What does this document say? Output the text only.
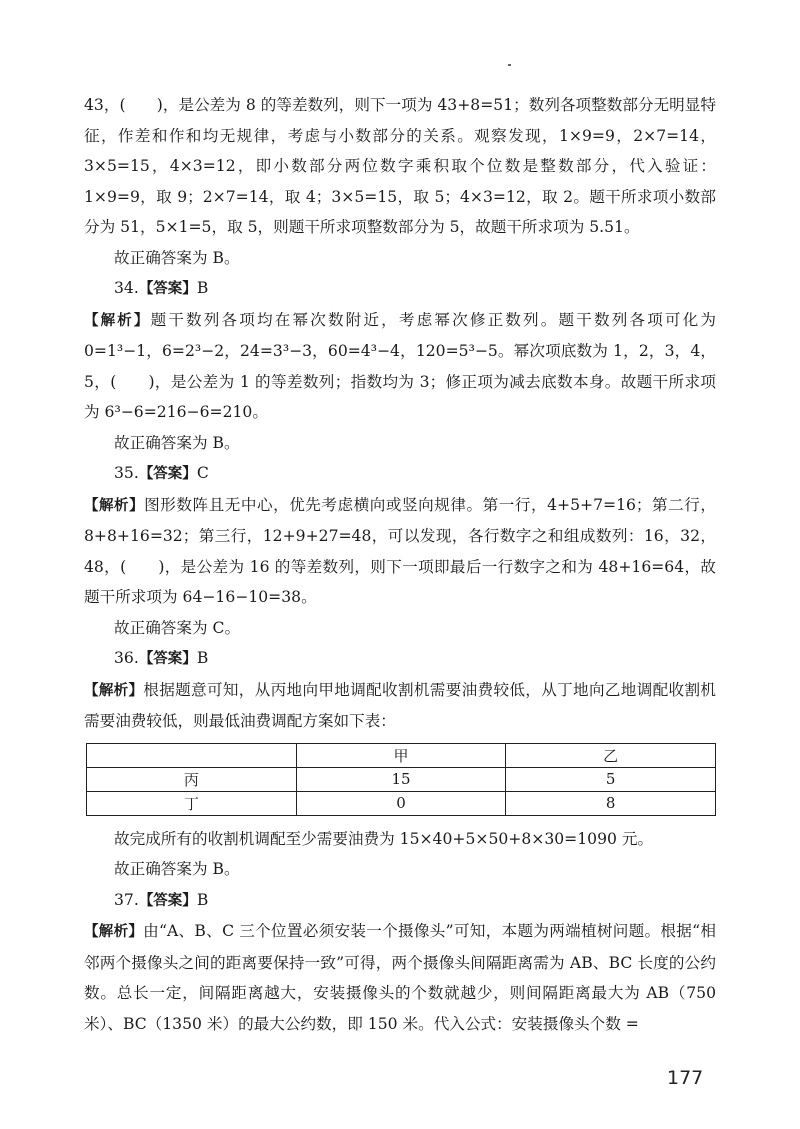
43，(　　)，是公差为 8 的等差数列，则下一项为 43+8=51；数列各项整数部分无明显特征，作差和作和均无规律，考虑与小数部分的关系。观察发现，1×9=9，2×7=14，3×5=15，4×3=12，即小数部分两位数字乘积取个位数是整数部分，代入验证：1×9=9，取 9；2×7=14，取 4；3×5=15，取 5；4×3=12，取 2。题干所求项小数部分为 51，5×1=5，取 5，则题干所求项整数部分为 5，故题干所求项为 5.51。

故正确答案为 B。

34.【答案】B

【解析】题干数列各项均在幂次数附近，考虑幂次修正数列。题干数列各项可化为 0=1³−1，6=2³−2，24=3³−3，60=4³−4，120=5³−5。幂次项底数为 1，2，3，4，5，(　　)，是公差为 1 的等差数列；指数均为 3；修正项为减去底数本身。故题干所求项为 6³−6=216−6=210。

故正确答案为 B。

35.【答案】C

【解析】图形数阵且无中心，优先考虑横向或竖向规律。第一行，4+5+7=16；第二行，8+8+16=32；第三行，12+9+27=48，可以发现，各行数字之和组成数列：16，32，48，(　　)，是公差为 16 的等差数列，则下一项即最后一行数字之和为 48+16=64，故题干所求项为 64−16−10=38。

故正确答案为 C。

36.【答案】B

【解析】根据题意可知，从丙地向甲地调配收割机需要油费较低，从丁地向乙地调配收割机需要油费较低，则最低油费调配方案如下表：

	甲	乙
丙	15	5
丁	0	8

故完成所有的收割机调配至少需要油费为 15×40+5×50+8×30=1090 元。

故正确答案为 B。

37.【答案】B

【解析】由“A、B、C 三个位置必须安装一个摄像头”可知，本题为两端植树问题。根据“相邻两个摄像头之间的距离要保持一致”可得，两个摄像头间隔距离需为 AB、BC 长度的公约数。总长一定，间隔距离越大，安装摄像头的个数就越少，则间隔距离最大为 AB（750 米）、BC（1350 米）的最大公约数，即 150 米。代入公式：安装摄像头个数 =

177
